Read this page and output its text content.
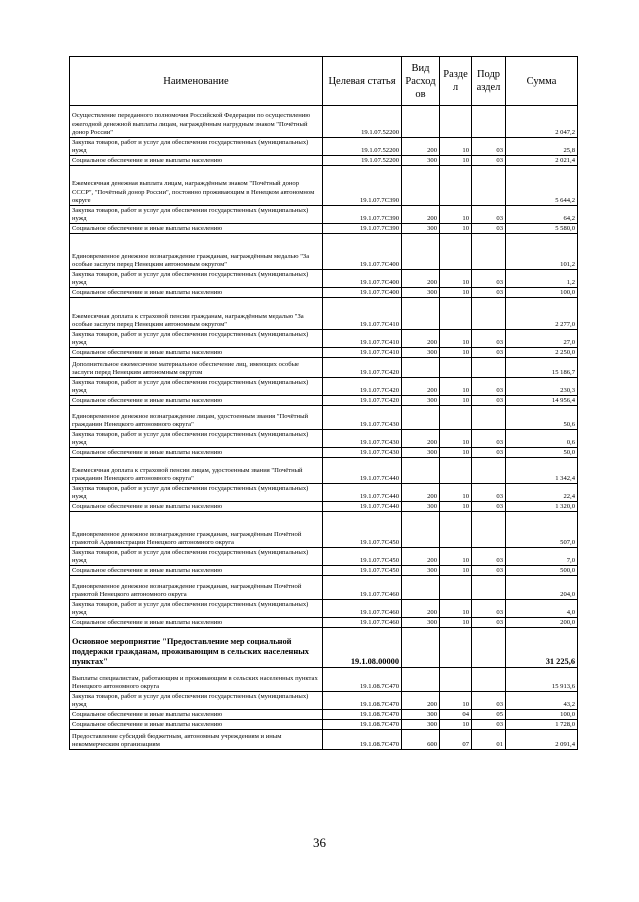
Наименование	Целевая статья	Вид Расход ов	Разде л	Подр аздел	Сумма
Осуществление переданного полномочия Российской Федерации по осуществлению ежегодной денежной выплаты лицам, награждённым нагрудным знаком "Почётный донор России"	19.1.07.52200				2 047,2
Закупка товаров, работ и услуг для обеспечения государственных (муниципальных) нужд	19.1.07.52200	200	10	03	25,8
Социальное обеспечение и иные выплаты населению	19.1.07.52200	300	10	03	2 021,4
Ежемесячная денежная выплата лицам, награждённым знаком "Почётный донор СССР", "Почётный донор России", постоянно проживающим в Ненецком автономном округе	19.1.07.7С390				5 644,2
Закупка товаров, работ и услуг для обеспечения государственных (муниципальных) нужд	19.1.07.7С390	200	10	03	64,2
Социальное обеспечение и иные выплаты населению	19.1.07.7С390	300	10	03	5 580,0
Единовременное денежное вознаграждение гражданам, награждённым медалью "За особые заслуги перед Ненецким автономным округом"	19.1.07.7С400				101,2
Закупка товаров, работ и услуг для обеспечения государственных (муниципальных) нужд	19.1.07.7С400	200	10	03	1,2
Социальное обеспечение и иные выплаты населению	19.1.07.7С400	300	10	03	100,0
Ежемесячная доплата к страховой пенсии гражданам, награждённым медалью "За особые заслуги перед Ненецким автономным округом"	19.1.07.7С410				2 277,0
Закупка товаров, работ и услуг для обеспечения государственных (муниципальных) нужд	19.1.07.7С410	200	10	03	27,0
Социальное обеспечение и иные выплаты населению	19.1.07.7С410	300	10	03	2 250,0
Дополнительное ежемесячное материальное обеспечение лиц, имеющих особые заслуги перед Ненецким автономным округом	19.1.07.7С420				15 186,7
Закупка товаров, работ и услуг для обеспечения государственных (муниципальных) нужд	19.1.07.7С420	200	10	03	230,3
Социальное обеспечение и иные выплаты населению	19.1.07.7С420	300	10	03	14 956,4
Единовременное денежное вознаграждение лицам, удостоенным звания "Почётный гражданин Ненецкого автономного округа"	19.1.07.7С430				50,6
Закупка товаров, работ и услуг для обеспечения государственных (муниципальных) нужд	19.1.07.7С430	200	10	03	0,6
Социальное обеспечение и иные выплаты населению	19.1.07.7С430	300	10	03	50,0
Ежемесячная доплата к страховой пенсии лицам, удостоенным звания "Почётный гражданин Ненецкого автономного округа"	19.1.07.7С440				1 342,4
Закупка товаров, работ и услуг для обеспечения государственных (муниципальных) нужд	19.1.07.7С440	200	10	03	22,4
Социальное обеспечение и иные выплаты населению	19.1.07.7С440	300	10	03	1 320,0
Единовременное денежное вознаграждение гражданам, награждённым Почётной грамотой Администрации Ненецкого автономного округа	19.1.07.7С450				507,0
Закупка товаров, работ и услуг для обеспечения государственных (муниципальных) нужд	19.1.07.7С450	200	10	03	7,0
Социальное обеспечение и иные выплаты населению	19.1.07.7С450	300	10	03	500,0
Единовременное денежное вознаграждение гражданам, награждённым Почётной грамотой Ненецкого автономного округа	19.1.07.7С460				204,0
Закупка товаров, работ и услуг для обеспечения государственных (муниципальных) нужд	19.1.07.7С460	200	10	03	4,0
Социальное обеспечение и иные выплаты населению	19.1.07.7С460	300	10	03	200,0
Основное мероприятие "Предоставление мер социальной поддержки гражданам, проживающим в сельских населенных пунктах"	19.1.08.00000				31 225,6
Выплаты специалистам, работающим и проживающим в сельских населенных пунктах Ненецкого автономного округа	19.1.08.7С470				15 913,6
Закупка товаров, работ и услуг для обеспечения государственных (муниципальных) нужд	19.1.08.7С470	200	10	03	43,2
Социальное обеспечение и иные выплаты населению	19.1.08.7С470	300	04	05	100,0
Социальное обеспечение и иные выплаты населению	19.1.08.7С470	300	10	03	1 728,0
Предоставление субсидий бюджетным, автономным учреждениям и иным некоммерческим организациям	19.1.08.7С470	600	07	01	2 091,4
36
